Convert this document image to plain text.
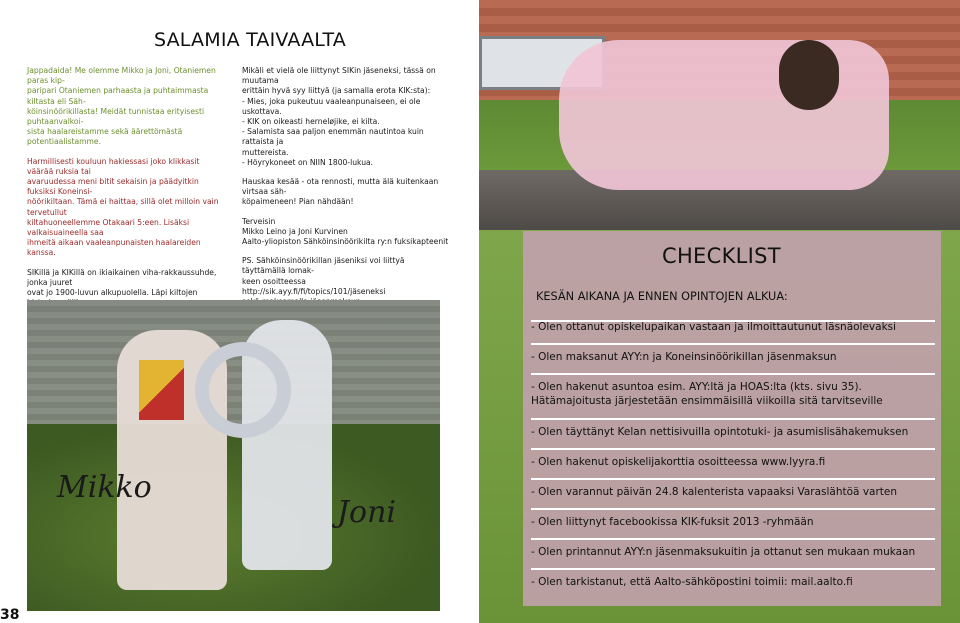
SALAMIA TAIVAALTA

Jappadaida! Me olemme Mikko ja Joni, Otaniemen paras kip-
paripari Otaniemen parhaasta ja puhtaimmasta kiltasta eli Säh-
köinsinöörikillasta! Meidät tunnistaa erityisesti puhtaanvalkoi-
sista haalareistamme sekä äärettömästä potentiaalistamme.

Harmillisesti kouluun hakiessasi joko klikkasit väärää ruksia tai
avaruudessa meni bitit sekaisin ja päädyitkin fuksiksi Koneinsi-
nöörikiltaan. Tämä ei haittaa, sillä olet milloin vain tervetullut
kiltahuoneellemme Otakaari 5:een. Lisäksi valkaisuaineella saa
ihmeitä aikaan vaaleanpunaisten haalareiden kanssa.

SIKillä ja KIKillä on ikiaikainen viha-rakkaussuhde, jonka juuret
ovat jo 1900-luvun alkupuolella. Läpi kiltojen

Mikäli et vielä ole liittynyt SIKin jäseneksi, tässä on muutama
erittäin hyvä syy liittyä (ja samalla erota KIK:sta):
- Mies, joka pukeutuu vaaleanpunaiseen, ei ole uskottava.
- KIK on oikeasti herneløjike, ei kilta.
- Salamista saa paljon enemmän nautintoa kuin rattaista ja
muttereista.
- Höyrykoneet on NIIN 1800-lukua.

Hauskaa kesää - ota rennosti, mutta älä kuitenkaan virtsaa säh-
köpaimeneen! Pian nähdään!

Terveisin
Mikko Leino ja Joni Kurvinen
Aalto-yliopiston Sähköinsinöörikilta ry:n fuksikapteenit

PS. Sähköinsinöörikillan jäseniksi voi liittyä täyttämällä lomak-
keen osoitteessa http://sik.ayy.fi/fi/topics/101/jäseneksi

Mikko
Joni
38
CHECKLIST
KESÄN AIKANA JA ENNEN OPINTOJEN ALKUA:
- Olen ottanut opiskelupaikan vastaan ja ilmoittautunut läsnäolevaksi
- Olen maksanut AYY:n ja Koneinsinöörikillan jäsenmaksun
- Olen hakenut asuntoa esim. AYY:ltä ja HOAS:lta (kts. sivu 35). Hätämajoitusta järjestetään ensimmäisillä viikoilla sitä tarvitseville
- Olen täyttänyt Kelan nettisivuilla opintotuki- ja asumislisähakemuksen
- Olen hakenut opiskelijakorttia osoitteessa www.lyyra.fi
- Olen varannut päivän 24.8 kalenterista vapaaksi Varaslähtöä varten
- Olen liittynyt facebookissa KIK-fuksit 2013 -ryhmään
- Olen printannut AYY:n jäsenmaksukuitin ja ottanut sen mukaan mukaan
- Olen tarkistanut, että Aalto-sähköpostini toimii: mail.aalto.fi
